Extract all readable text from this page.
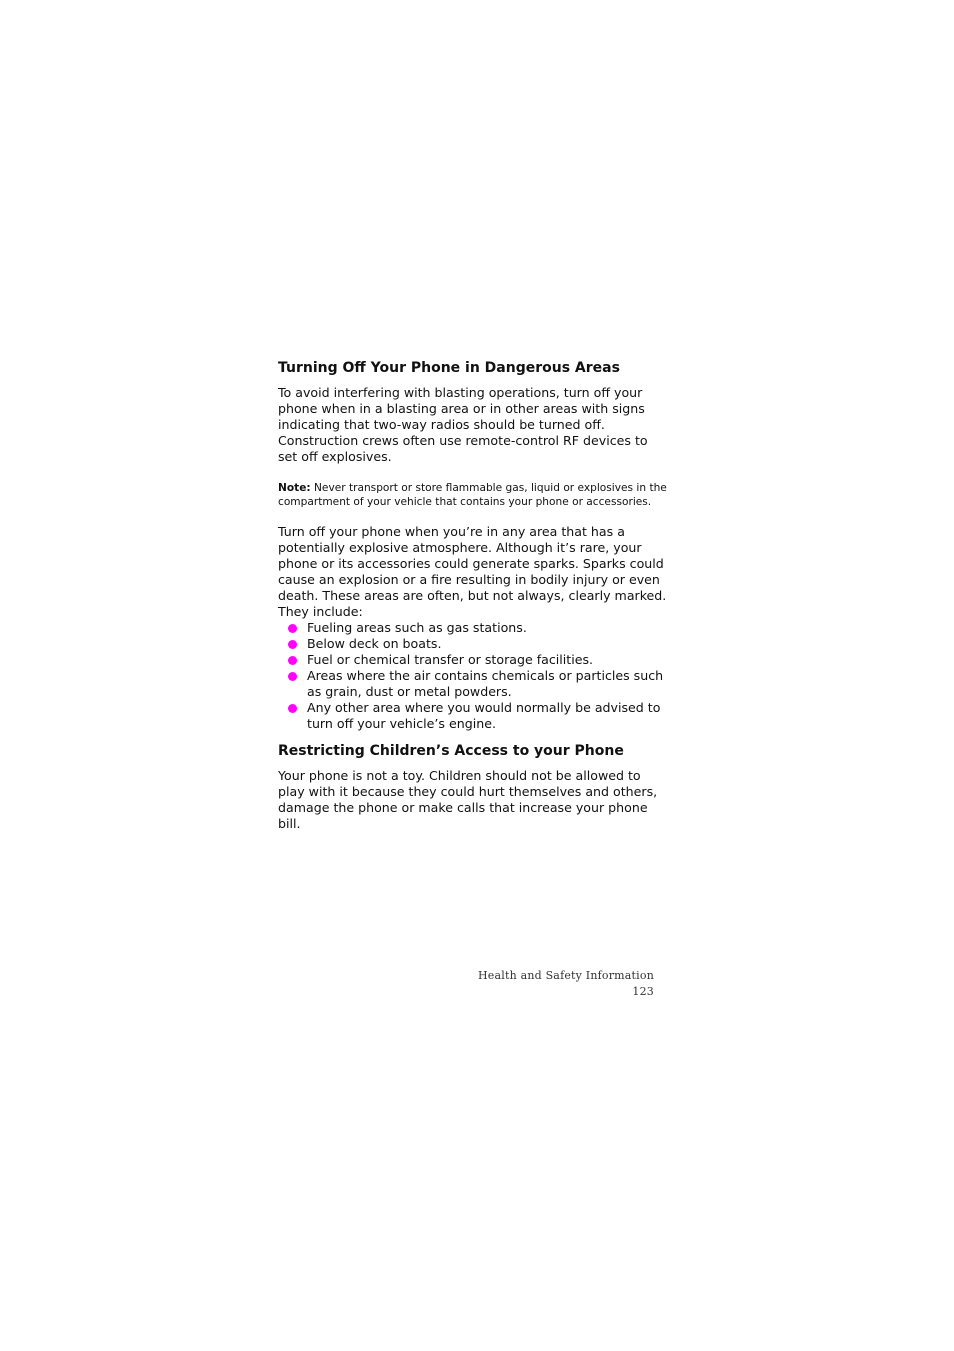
Turning Off Your Phone in Dangerous Areas

To avoid interfering with blasting operations, turn off your phone when in a blasting area or in other areas with signs indicating that two-way radios should be turned off. Construction crews often use remote-control RF devices to set off explosives.

Note: Never transport or store flammable gas, liquid or explosives in the compartment of your vehicle that contains your phone or accessories.

Turn off your phone when you’re in any area that has a potentially explosive atmosphere. Although it’s rare, your phone or its accessories could generate sparks. Sparks could cause an explosion or a fire resulting in bodily injury or even death. These areas are often, but not always, clearly marked. They include:

Fueling areas such as gas stations.
Below deck on boats.
Fuel or chemical transfer or storage facilities.
Areas where the air contains chemicals or particles such as grain, dust or metal powders.
Any other area where you would normally be advised to turn off your vehicle’s engine.
Restricting Children’s Access to your Phone

Your phone is not a toy. Children should not be allowed to play with it because they could hurt themselves and others, damage the phone or make calls that increase your phone bill.

Health and Safety Information
123
